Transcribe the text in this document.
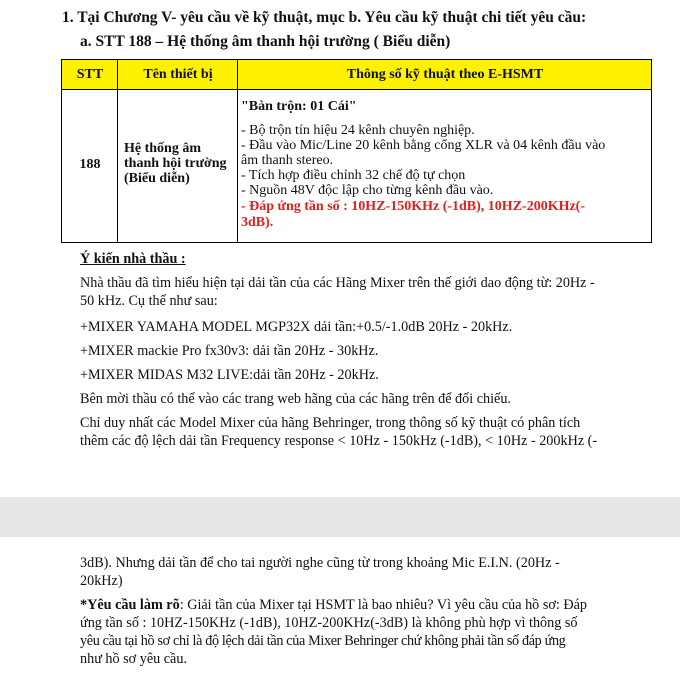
1. Tại Chương V- yêu cầu về kỹ thuật, mục b. Yêu cầu kỹ thuật chi tiết yêu cầu:
a. STT 188 – Hệ thống âm thanh hội trường ( Biểu diễn)
STT	Tên thiết bị	Thông số kỹ thuật theo E-HSMT
188
Hệ thống âm
thanh hội trường
(Biểu diễn)
"Bàn trộn: 01 Cái"
- Bộ trộn tín hiệu 24 kênh chuyên nghiệp.
- Đầu vào Mic/Line 20 kênh bằng cổng XLR và 04 kênh đầu vào
âm thanh stereo.
- Tích hợp điều chỉnh 32 chế độ tự chọn
- Nguồn 48V độc lập cho từng kênh đầu vào.
- Đáp ứng tần số : 10HZ-150KHz (-1dB), 10HZ-200KHz(-
3dB).
Ý kiến nhà thầu :
Nhà thầu đã tìm hiểu hiện tại dải tần của các Hãng Mixer trên thế giới dao động từ: 20Hz -
50 kHz. Cụ thể như sau:
+MIXER YAMAHA MODEL MGP32X dải tần:+0.5/-1.0dB 20Hz - 20kHz.
+MIXER mackie Pro fx30v3: dải tần 20Hz - 30kHz.
+MIXER MIDAS M32 LIVE:dải tần 20Hz - 20kHz.
Bên mời thầu có thể vào các trang web hãng của các hãng trên để đối chiếu.
Chỉ duy nhất các Model Mixer của hãng Behringer, trong thông số kỹ thuật có phân tích
thêm các độ lệch dải tần Frequency response < 10Hz - 150kHz (-1dB), < 10Hz - 200kHz (-
3dB). Nhưng dải tần để cho tai người nghe cũng từ trong khoảng Mic E.I.N. (20Hz -
20kHz)
*Yêu cầu làm rõ: Giải tần của Mixer tại HSMT là bao nhiêu? Vì yêu cầu của hồ sơ: Đáp
ứng tần số : 10HZ-150KHz (-1dB), 10HZ-200KHz(-3dB) là không phù hợp vì thông số
yêu cầu tại hồ sơ chỉ là độ lệch dải tần của Mixer Behringer chứ không phải tần số đáp ứng
như hồ sơ yêu cầu.
